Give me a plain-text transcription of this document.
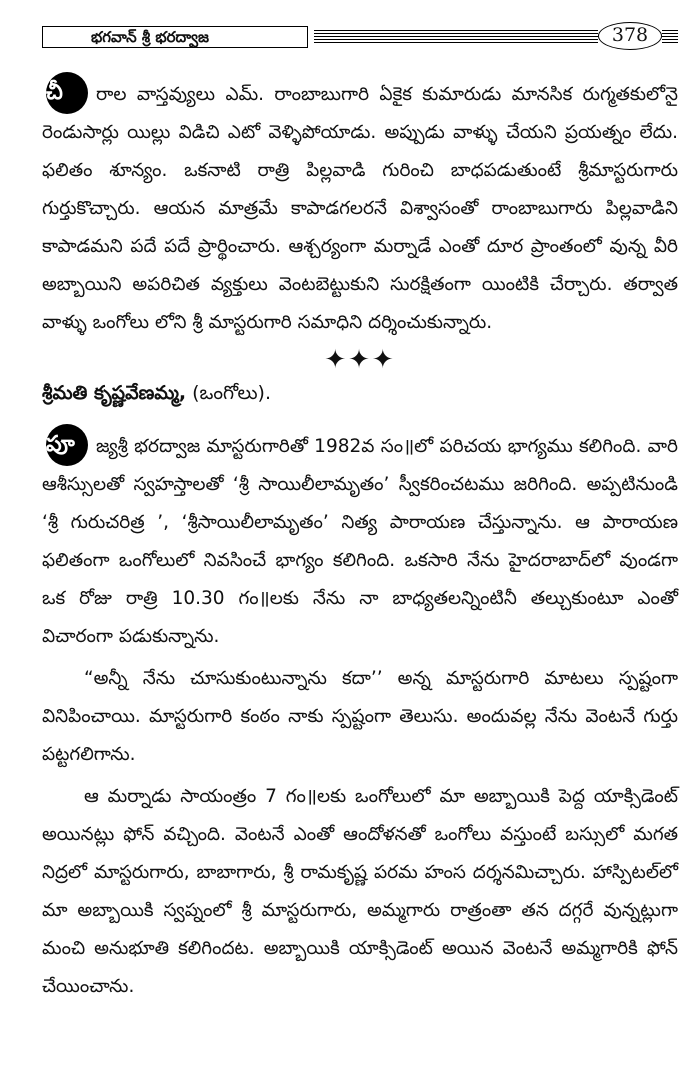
భగవాన్ శ్రీ భరద్వాజ	378

చీ	రాల వాస్తవ్యులు ఎమ్. రాంబాబుగారి ఏకైక కుమారుడు మానసిక రుగ్మతకులోనై రెండుసార్లు యిల్లు విడిచి ఎటో వెళ్ళిపోయాడు. అప్పుడు వాళ్ళు చేయని ప్రయత్నం లేదు. ఫలితం శూన్యం. ఒకనాటి రాత్రి పిల్లవాడి గురించి బాధపడుతుంటే శ్రీమాస్టరుగారు గుర్తుకొచ్చారు. ఆయన మాత్రమే కాపాడగలరనే విశ్వాసంతో రాంబాబుగారు పిల్లవాడిని కాపాడమని పదే పదే ప్రార్థించారు. ఆశ్చర్యంగా మర్నాడే ఎంతో దూర ప్రాంతంలో వున్న వీరి అబ్బాయిని అపరిచిత వ్యక్తులు వెంటబెట్టుకుని సురక్షితంగా యింటికి చేర్చారు. తర్వాత వాళ్ళు ఒంగోలు లోని శ్రీ మాస్టరుగారి సమాధిని దర్శించుకున్నారు.

✦✦✦

శ్రీమతి కృష్ణవేణమ్మ, (ఒంగోలు).

పూ	జ్యశ్రీ భరద్వాజ మాస్టరుగారితో 1982వ సం॥లో పరిచయ భాగ్యము కలిగింది. వారి ఆశీస్సులతో స్వహస్తాలతో ‘శ్రీ సాయిలీలామృతం’ స్వీకరించటము జరిగింది. అప్పటినుండి ‘శ్రీ గురుచరిత్ర ’, ‘శ్రీసాయిలీలామృతం’ నిత్య పారాయణ చేస్తున్నాను. ఆ పారాయణ ఫలితంగా ఒంగోలులో నివసించే భాగ్యం కలిగింది. ఒకసారి నేను హైదరాబాద్‌లో వుండగా ఒక రోజు రాత్రి 10.30 గం॥లకు నేను నా బాధ్యతలన్నింటినీ తల్చుకుంటూ ఎంతో విచారంగా పడుకున్నాను.

“అన్నీ నేను చూసుకుంటున్నాను కదా’’ అన్న మాస్టరుగారి మాటలు స్పష్టంగా వినిపించాయి. మాస్టరుగారి కంఠం నాకు స్పష్టంగా తెలుసు. అందువల్ల నేను వెంటనే గుర్తు పట్టగలిగాను.

ఆ మర్నాడు సాయంత్రం 7 గం॥లకు ఒంగోలులో మా అబ్బాయికి పెద్ద యాక్సిడెంట్ అయినట్లు ఫోన్ వచ్చింది. వెంటనే ఎంతో ఆందోళనతో ఒంగోలు వస్తుంటే బస్సులో మగత నిద్రలో మాస్టరుగారు, బాబాగారు, శ్రీ రామకృష్ణ పరమ హంస దర్శనమిచ్చారు. హాస్పిటల్‌లో మా అబ్బాయికి స్వప్నంలో శ్రీ మాస్టరుగారు, అమ్మగారు రాత్రంతా తన దగ్గరే వున్నట్లుగా మంచి అనుభూతి కలిగిందట. అబ్బాయికి యాక్సిడెంట్ అయిన వెంటనే అమ్మగారికి ఫోన్ చేయించాను.
